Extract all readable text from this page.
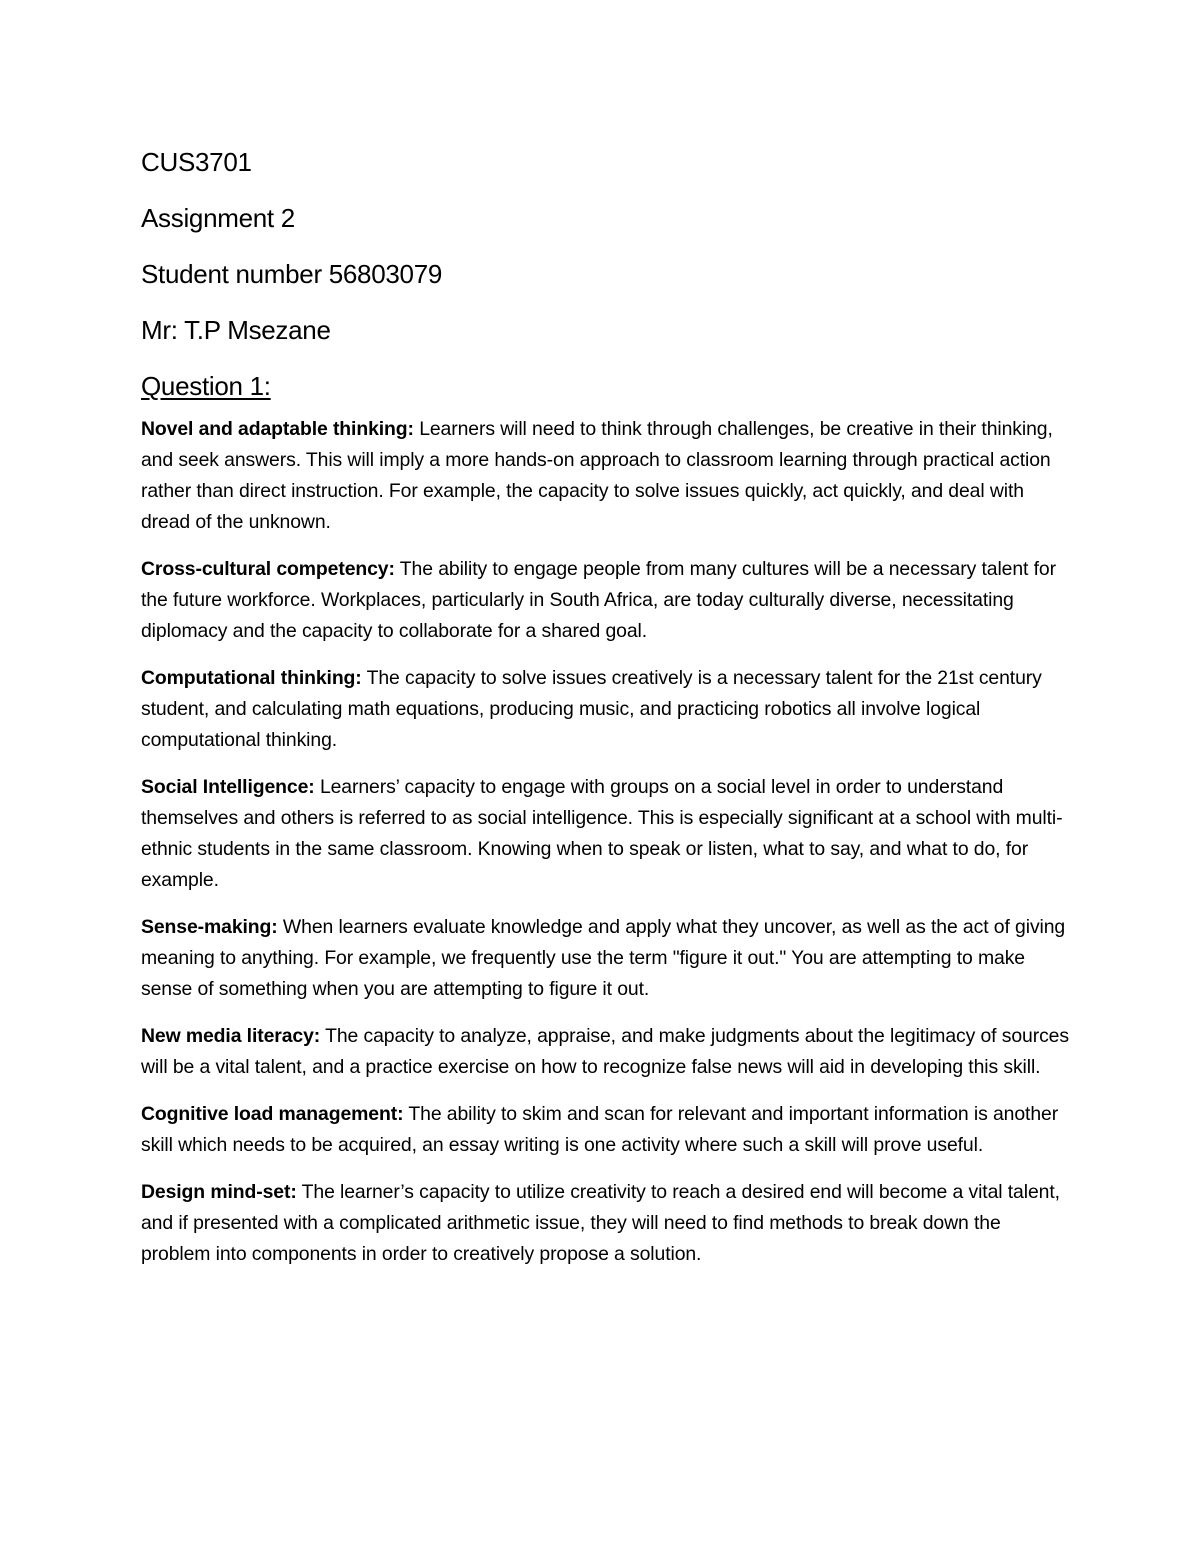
CUS3701

Assignment 2

Student number 56803079

Mr: T.P Msezane

Question 1:

Novel and adaptable thinking: Learners will need to think through challenges, be creative in their thinking, and seek answers. This will imply a more hands-on approach to classroom learning through practical action rather than direct instruction. For example, the capacity to solve issues quickly, act quickly, and deal with dread of the unknown.

Cross-cultural competency: The ability to engage people from many cultures will be a necessary talent for the future workforce. Workplaces, particularly in South Africa, are today culturally diverse, necessitating diplomacy and the capacity to collaborate for a shared goal.

Computational thinking: The capacity to solve issues creatively is a necessary talent for the 21st century student, and calculating math equations, producing music, and practicing robotics all involve logical computational thinking.

Social Intelligence: Learners’ capacity to engage with groups on a social level in order to understand themselves and others is referred to as social intelligence. This is especially significant at a school with multi-ethnic students in the same classroom. Knowing when to speak or listen, what to say, and what to do, for example.

Sense-making: When learners evaluate knowledge and apply what they uncover, as well as the act of giving meaning to anything. For example, we frequently use the term "figure it out." You are attempting to make sense of something when you are attempting to figure it out.

New media literacy: The capacity to analyze, appraise, and make judgments about the legitimacy of sources will be a vital talent, and a practice exercise on how to recognize false news will aid in developing this skill.

Cognitive load management: The ability to skim and scan for relevant and important information is another skill which needs to be acquired, an essay writing is one activity where such a skill will prove useful.

Design mind-set: The learner’s capacity to utilize creativity to reach a desired end will become a vital talent, and if presented with a complicated arithmetic issue, they will need to find methods to break down the problem into components in order to creatively propose a solution.
